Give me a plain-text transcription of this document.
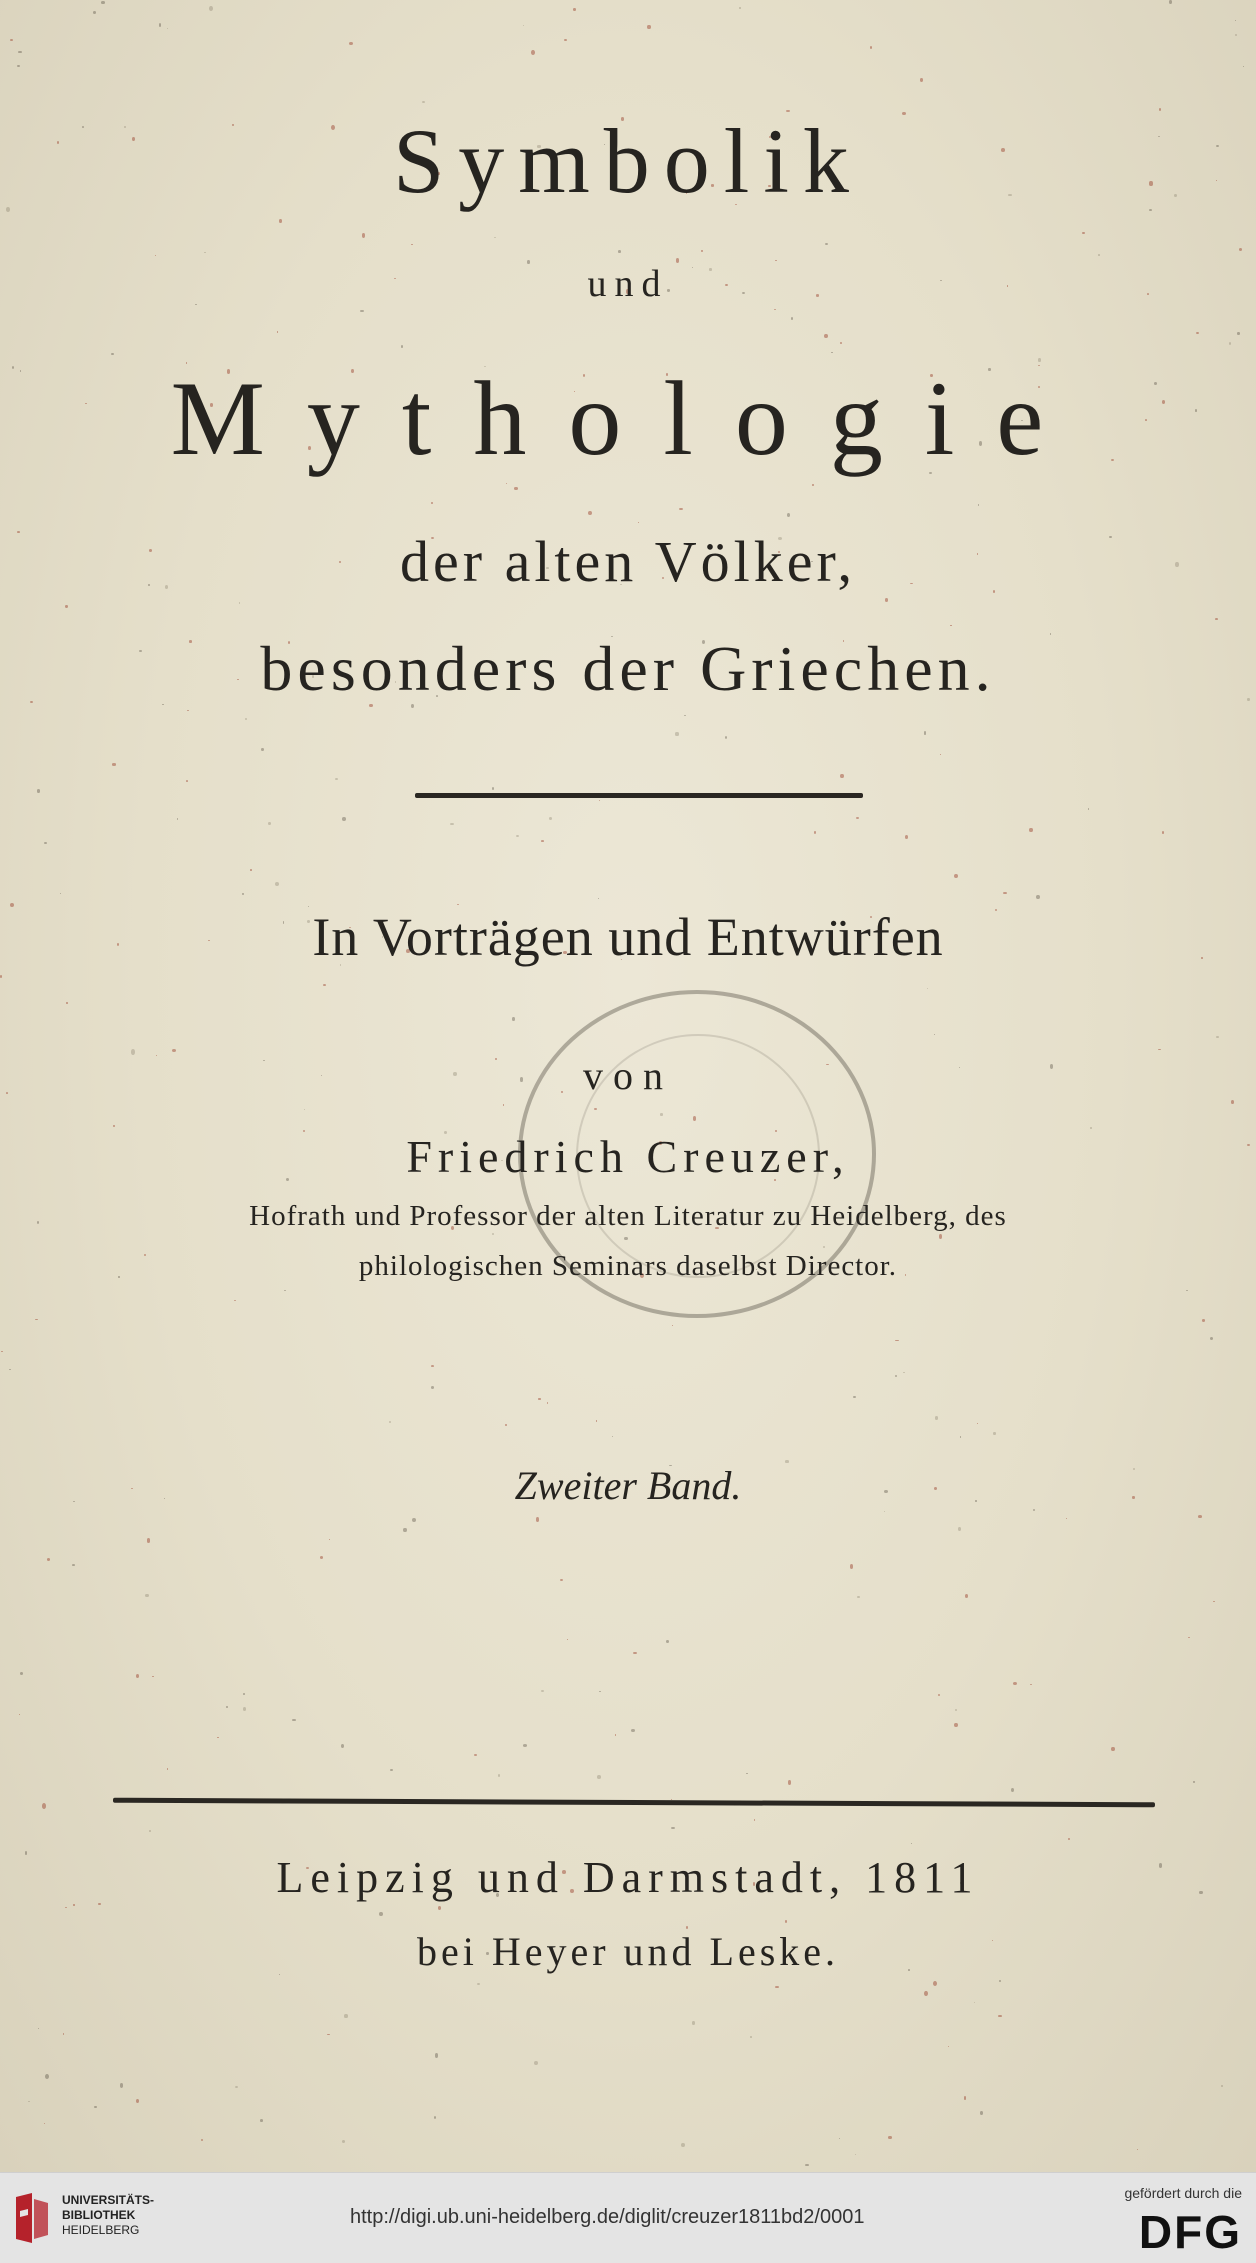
Symbolik
und
Mythologie
der alten Völker,
besonders der Griechen.
In Vorträgen und Entwürfen
von
Friedrich Creuzer,
Hofrath und Professor der alten Literatur zu Heidelberg, des
philologischen Seminars daselbst Director.
Zweiter Band.
Leipzig und Darmstadt, 1811
bei Heyer und Leske.
UNIVERSITÄTS-
BIBLIOTHEK
HEIDELBERG
http://digi.ub.uni-heidelberg.de/diglit/creuzer1811bd2/0001
gefördert durch die
DFG
